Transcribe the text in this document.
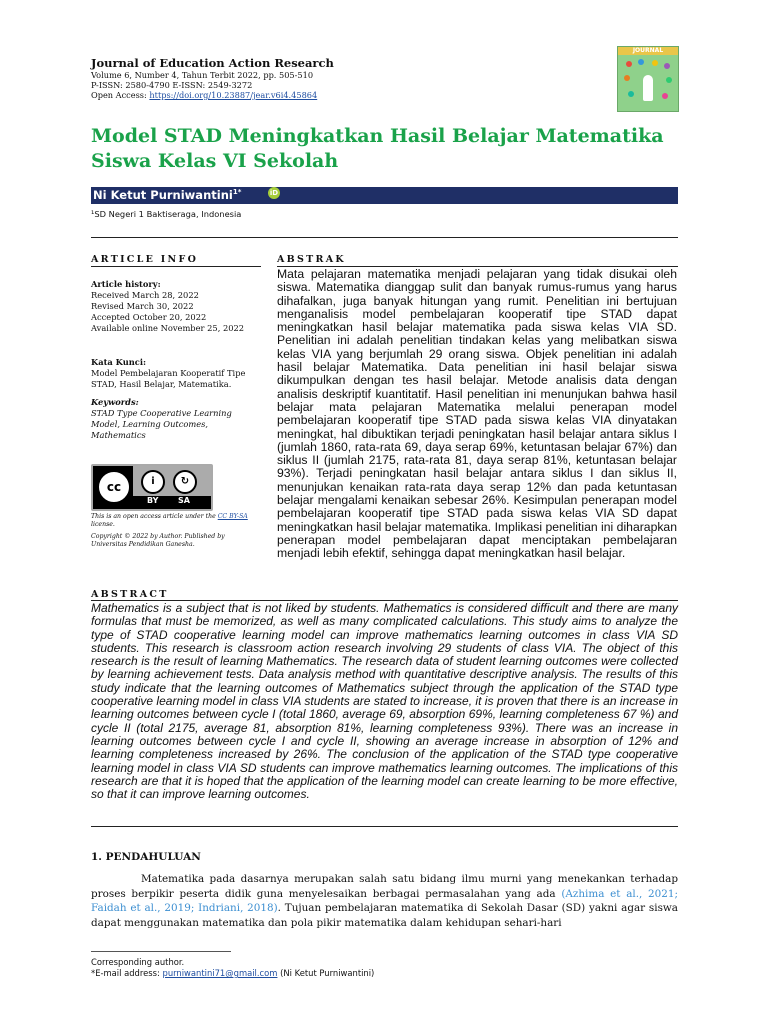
Journal of Education Action Research
Volume 6, Number 4, Tahun Terbit 2022, pp. 505-510
P-ISSN: 2580-4790 E-ISSN: 2549-3272
Open Access: https://doi.org/10.23887/jear.v6i4.45864
JOURNAL
Model STAD Meningkatkan Hasil Belajar Matematika Siswa Kelas VI Sekolah
Ni Ketut Purniwantini$^{1*}$	iD
¹SD Negeri 1 Baktiseraga, Indonesia
ARTICLE INFO	ABSTRAK
Article history:
Received March 28, 2022
Revised March 30, 2022
Accepted October 20, 2022
Available online November 25, 2022
Kata Kunci:
Model Pembelajaran Kooperatif Tipe STAD, Hasil Belajar, Matematika.
Keywords:
STAD Type Cooperative Learning Model, Learning Outcomes, Mathematics
cc	i	↻
BY SA
This is an open access article under the CC BY-SA license.
Copyright © 2022 by Author. Published by Universitas Pendidikan Ganesha.
Mata pelajaran matematika menjadi pelajaran yang tidak disukai oleh siswa. Matematika dianggap sulit dan banyak rumus-rumus yang harus dihafalkan, juga banyak hitungan yang rumit. Penelitian ini bertujuan menganalisis model pembelajaran kooperatif tipe STAD dapat meningkatkan hasil belajar matematika pada siswa kelas VIA SD. Penelitian ini adalah penelitian tindakan kelas yang melibatkan siswa kelas VIA yang berjumlah 29 orang siswa. Objek penelitian ini adalah hasil belajar Matematika. Data penelitian ini hasil belajar siswa dikumpulkan dengan tes hasil belajar. Metode analisis data dengan analisis deskriptif kuantitatif. Hasil penelitian ini menunjukan bahwa hasil belajar mata pelajaran Matematika melalui penerapan model pembelajaran kooperatif tipe STAD pada siswa kelas VIA dinyatakan meningkat, hal dibuktikan terjadi peningkatan hasil belajar antara siklus I (jumlah 1860, rata-rata 69, daya serap 69%, ketuntasan belajar 67%) dan siklus II (jumlah 2175, rata-rata 81, daya serap 81%, ketuntasan belajar 93%). Terjadi peningkatan hasil belajar antara siklus I dan siklus II, menunjukan kenaikan rata-rata daya serap 12% dan pada ketuntasan belajar mengalami kenaikan sebesar 26%. Kesimpulan penerapan model pembelajaran kooperatif tipe STAD pada siswa kelas VIA SD dapat meningkatkan hasil belajar matematika. Implikasi penelitian ini diharapkan penerapan model pembelajaran dapat menciptakan pembelajaran menjadi lebih efektif, sehingga dapat meningkatkan hasil belajar.
ABSTRACT
Mathematics is a subject that is not liked by students. Mathematics is considered difficult and there are many formulas that must be memorized, as well as many complicated calculations. This study aims to analyze the type of STAD cooperative learning model can improve mathematics learning outcomes in class VIA SD students. This research is classroom action research involving 29 students of class VIA. The object of this research is the result of learning Mathematics. The research data of student learning outcomes were collected by learning achievement tests. Data analysis method with quantitative descriptive analysis. The results of this study indicate that the learning outcomes of Mathematics subject through the application of the STAD type cooperative learning model in class VIA students are stated to increase, it is proven that there is an increase in learning outcomes between cycle I (total 1860, average 69, absorption 69%, learning completeness 67 %) and cycle II (total 2175, average 81, absorption 81%, learning completeness 93%). There was an increase in learning outcomes between cycle I and cycle II, showing an average increase in absorption of 12% and learning completeness increased by 26%. The conclusion of the application of the STAD type cooperative learning model in class VIA SD students can improve mathematics learning outcomes. The implications of this research are that it is hoped that the application of the learning model can create learning to be more effective, so that it can improve learning outcomes.
1. PENDAHULUAN
Matematika pada dasarnya merupakan salah satu bidang ilmu murni yang menekankan terhadap proses berpikir peserta didik guna menyelesaikan berbagai permasalahan yang ada (Azhima et al., 2021; Faidah et al., 2019; Indriani, 2018). Tujuan pembelajaran matematika di Sekolah Dasar (SD) yakni agar siswa dapat menggunakan matematika dan pola pikir matematika dalam kehidupan sehari-hari
Corresponding author.
*E-mail address: purniwantini71@gmail.com (Ni Ketut Purniwantini)
